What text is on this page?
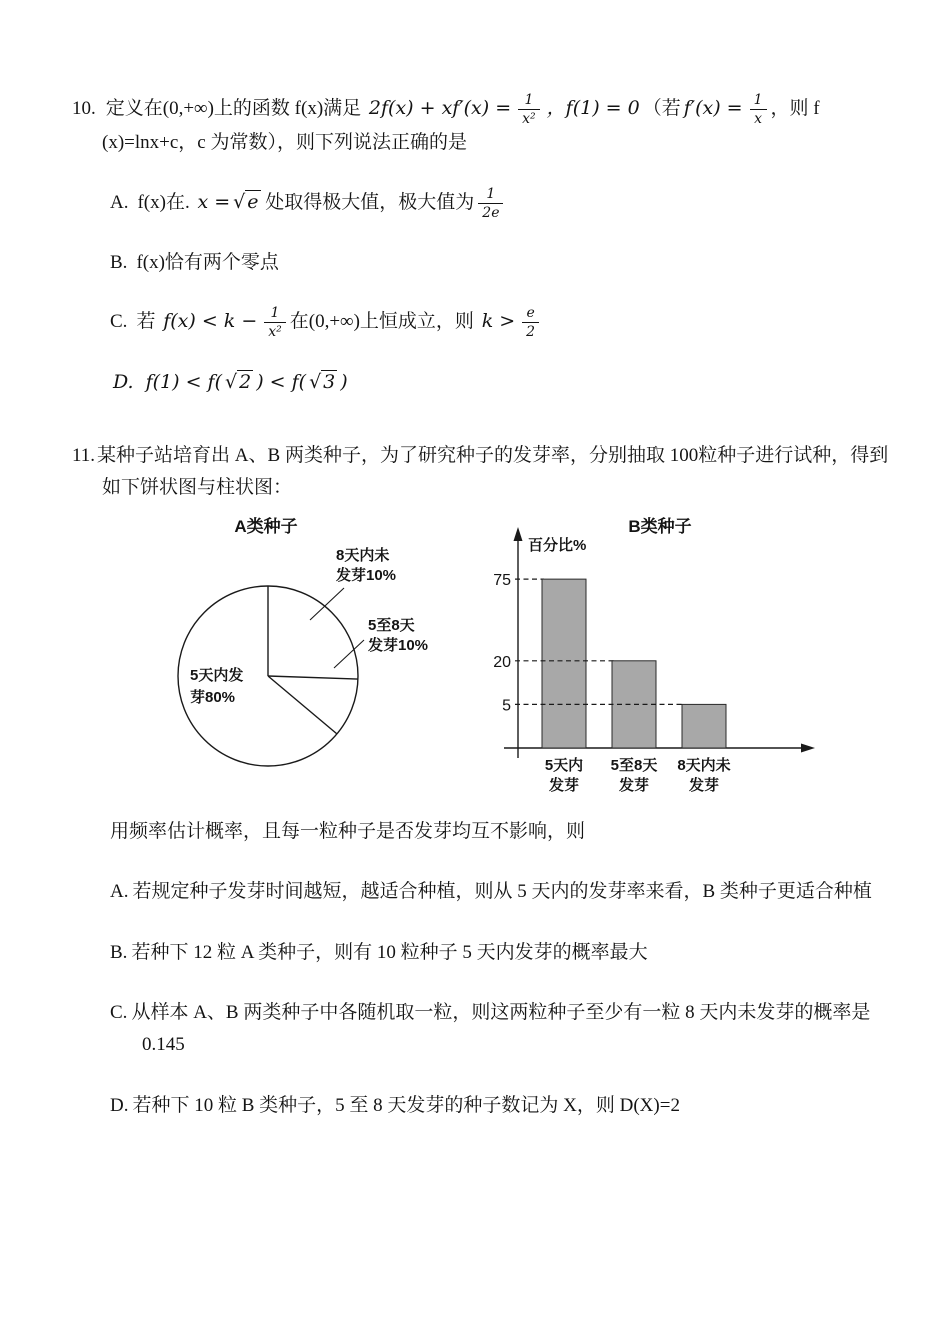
10. 定义在(0,+∞)上的函数 f(x)满足 $2f(x) + xf'(x) = \frac{1}{\text{x²}}$ ，f(1) = 0 （若 $f'(x) = \frac{1}{x}$ ，则 f

(x)=lnx+c，c 为常数），则下列说法正确的是

A. f(x)在. x = √ e 处取得极大值，极大值为 $\frac{1}{2e}$

B. f(x)恰有两个零点

C. 若 $f(x) < k - \frac{1}{\text{x²}}$ 在(0,+∞)上恒成立，则 $k > \frac{e}{2}$

D. f(1) < f( √ 2 ) < f( √ 3 )

11. 某种子站培育出 A、B 两类种子，为了研究种子的发芽率，分别抽取 100粒种子进行试种，得到如下饼状图与柱状图：

A类种子
8天内未 发芽10%
5至8天 发芽10%
5天内发 芽80%
B类种子
百分比%
75
5天内
发芽
20
5至8天
发芽
5
8天内未
发芽

用频率估计概率，且每一粒种子是否发芽均互不影响，则

A. 若规定种子发芽时间越短，越适合种植，则从 5 天内的发芽率来看，B 类种子更适合种植

B. 若种下 12 粒 A 类种子，则有 10 粒种子 5 天内发芽的概率最大

C. 从样本 A、B 两类种子中各随机取一粒，则这两粒种子至少有一粒 8 天内未发芽的概率是 0.145

D. 若种下 10 粒 B 类种子，5 至 8 天发芽的种子数记为 X，则 D(X)=2
